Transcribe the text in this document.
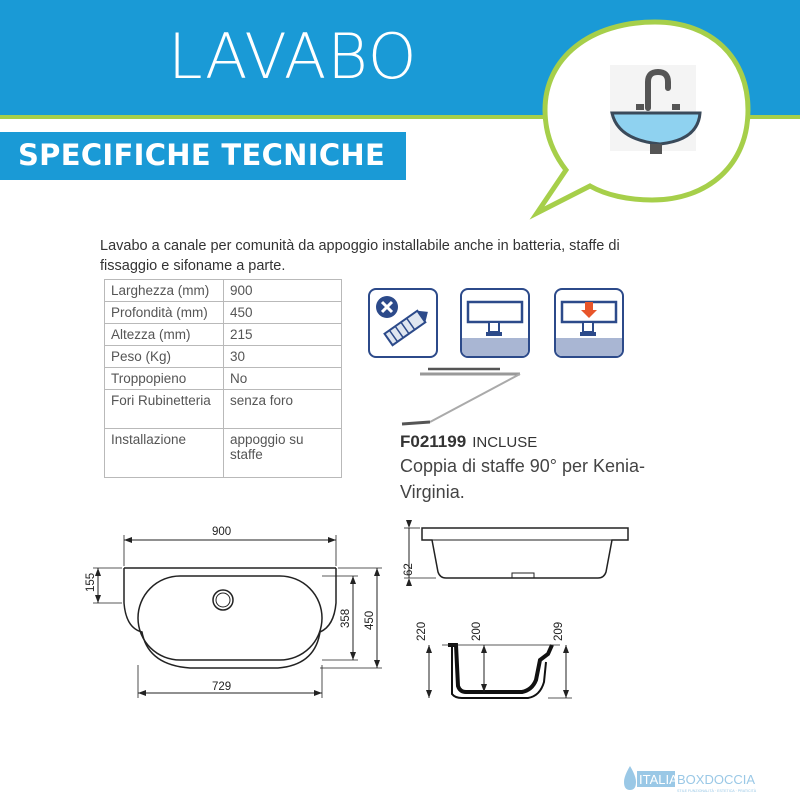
LAVABO
SPECIFICHE TECNICHE
Lavabo a canale per comunità da appoggio installabile anche in batteria, staffe di fissaggio e sifoname a parte.
Larghezza (mm)	900
Profondità (mm)	450
Altezza (mm)	215
Peso (Kg)	30
Troppopieno	No
Fori Rubinetteria	senza foro
Installazione	appoggio su staffe
F021199 INCLUSE
Coppia di staffe 90° per Kenia-Virginia.
900
729
155
358 450
62
220	200	209
ITALIA BOXDOCCIA
STILE FUNZIONALITÀ · ESTETICA · PRATICITÀ
